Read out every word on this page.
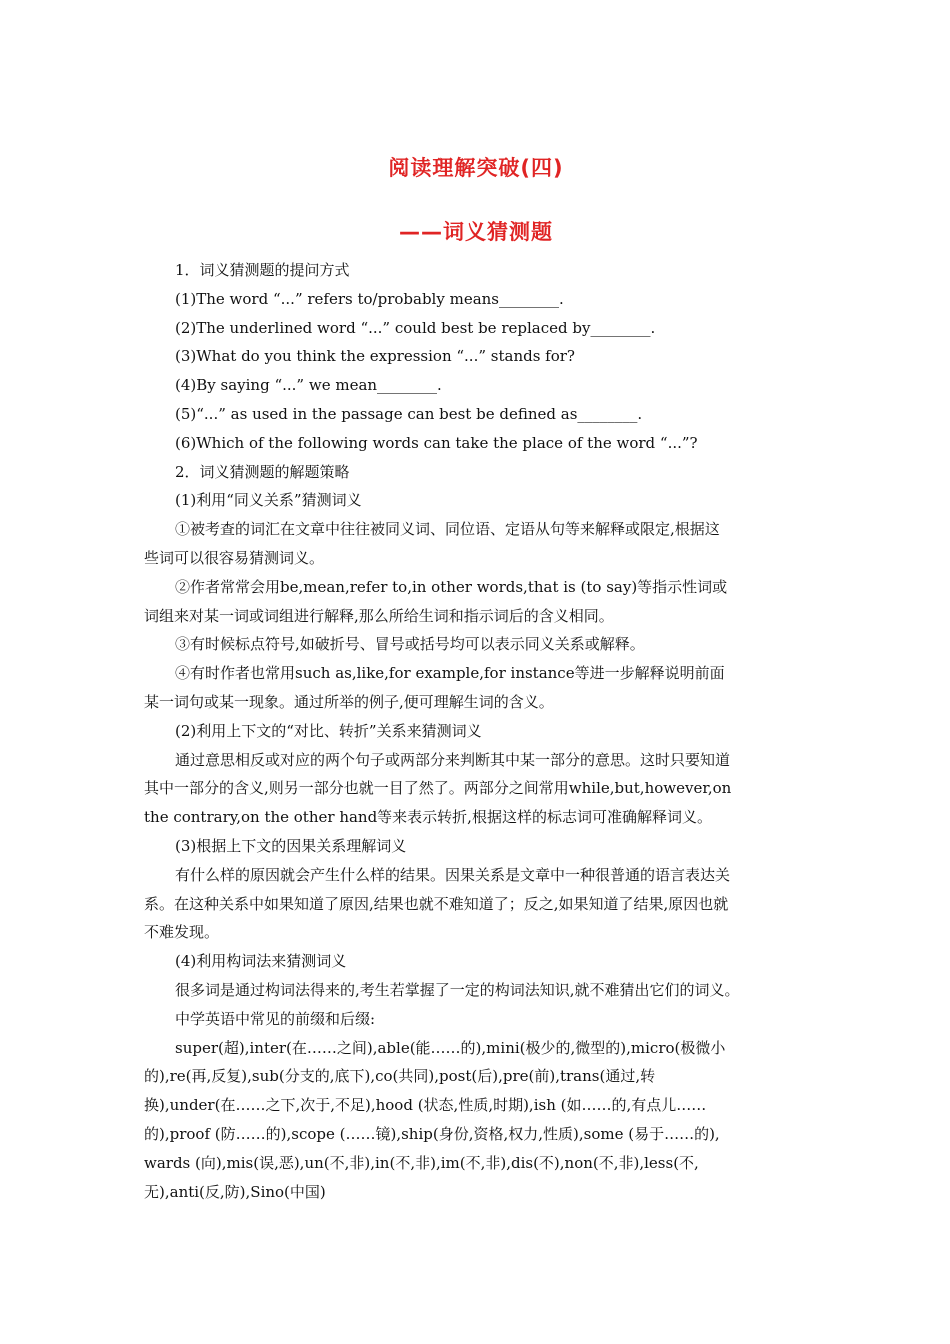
阅读理解突破(四)
——词义猜测题
1．词义猜测题的提问方式
(1)The word “...” refers to/probably means________.
(2)The underlined word “...” could best be replaced by________.
(3)What do you think the expression “...” stands for?
(4)By saying “...” we mean________.
(5)“...” as used in the passage can best be defined as________.
(6)Which of the following words can take the place of the word “...”?
2．词义猜测题的解题策略
(1)利用“同义关系”猜测词义
①被考查的词汇在文章中往往被同义词、同位语、定语从句等来解释或限定,根据这
些词可以很容易猜测词义。
②作者常常会用be,mean,refer to,in other words,that is (to say)等指示性词或
词组来对某一词或词组进行解释,那么所给生词和指示词后的含义相同。
③有时候标点符号,如破折号、冒号或括号均可以表示同义关系或解释。
④有时作者也常用such as,like,for example,for instance等进一步解释说明前面
某一词句或某一现象。通过所举的例子,便可理解生词的含义。
(2)利用上下文的“对比、转折”关系来猜测词义
通过意思相反或对应的两个句子或两部分来判断其中某一部分的意思。这时只要知道
其中一部分的含义,则另一部分也就一目了然了。两部分之间常用while,but,however,on
the contrary,on the other hand等来表示转折,根据这样的标志词可准确解释词义。
(3)根据上下文的因果关系理解词义
有什么样的原因就会产生什么样的结果。因果关系是文章中一种很普通的语言表达关
系。在这种关系中如果知道了原因,结果也就不难知道了；反之,如果知道了结果,原因也就
不难发现。
(4)利用构词法来猜测词义
很多词是通过构词法得来的,考生若掌握了一定的构词法知识,就不难猜出它们的词义。
中学英语中常见的前缀和后缀:
super(超),inter(在……之间),able(能……的),mini(极少的,微型的),micro(极微小
的),re(再,反复),sub(分支的,底下),co(共同),post(后),pre(前),trans(通过,转
换),under(在……之下,次于,不足),hood (状态,性质,时期),ish (如……的,有点儿……
的),proof (防……的),scope (……镜),ship(身份,资格,权力,性质),some (易于……的),
wards (向),mis(误,恶),un(不,非),in(不,非),im(不,非),dis(不),non(不,非),less(不,
无),anti(反,防),Sino(中国)
